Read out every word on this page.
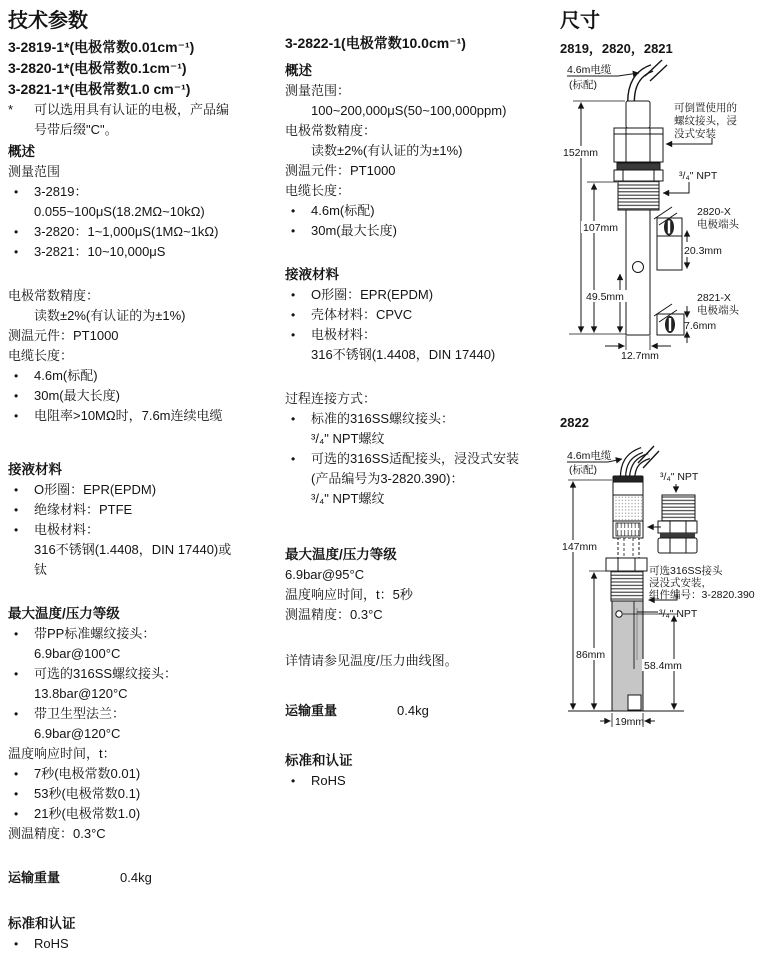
技术参数
3-2819-1*(电极常数0.01cm⁻¹)
3-2820-1*(电极常数0.1cm⁻¹)
3-2821-1*(电极常数1.0 cm⁻¹)
*	可以选用具有认证的电极，产品编
号带后缀"C"。
概述
测量范围
•	3-2819：
0.055~100μS(18.2MΩ~10kΩ)
•	3-2820：1~1,000μS(1MΩ~1kΩ)
•	3-2821：10~10,000μS
电极常数精度：
读数±2%(有认证的为±1%)
测温元件：PT1000
电缆长度：
•	4.6m(标配)
•	30m(最大长度)
•	电阻率>10MΩ时，7.6m连续电缆
接液材料
•	O形圈：EPR(EPDM)
•	绝缘材料：PTFE
•	电极材料：
316不锈钢(1.4408，DIN 17440)或
钛
最大温度/压力等级
•	带PP标准螺纹接头：
6.9bar@100°C
•	可选的316SS螺纹接头：
13.8bar@120°C
•	带卫生型法兰：
6.9bar@120°C
温度响应时间，t：
•	7秒(电极常数0.01)
•	53秒(电极常数0.1)
•	21秒(电极常数1.0)
测温精度：0.3°C
运输重量	0.4kg
标准和认证
•	RoHS
3-2822-1(电极常数10.0cm⁻¹)
概述
测量范围：
100~200,000μS(50~100,000ppm)
电极常数精度：
读数±2%(有认证的为±1%)
测温元件：PT1000
电缆长度：
•	4.6m(标配)
•	30m(最大长度)
接液材料
•	O形圈：EPR(EPDM)
•	壳体材料：CPVC
•	电极材料：
316不锈钢(1.4408，DIN 17440)
过程连接方式：
•	标准的316SS螺纹接头：
³/₄" NPT螺纹
•	可选的316SS适配接头，浸没式安装
(产品编号为3-2820.390)：
³/₄" NPT螺纹
最大温度/压力等级
6.9bar@95°C
温度响应时间，t：5秒
测温精度：0.3°C
详情请参见温度/压力曲线图。
运输重量	0.4kg
标准和认证
•	RoHS
尺寸
2819，2820，2821
4.6m电缆
(标配)
可倒置使用的
螺纹接头，浸
没式安装
³/₄" NPT
152mm
107mm
49.5mm
12.7mm
2820-X
电极端头
20.3mm
2821-X
电极端头
7.6mm
2822
4.6m电缆
(标配)
³/₄" NPT
可选316SS接头
浸没式安装，
组件编号：3-2820.390
³/₄" NPT
147mm
86mm
58.4mm
19mm
